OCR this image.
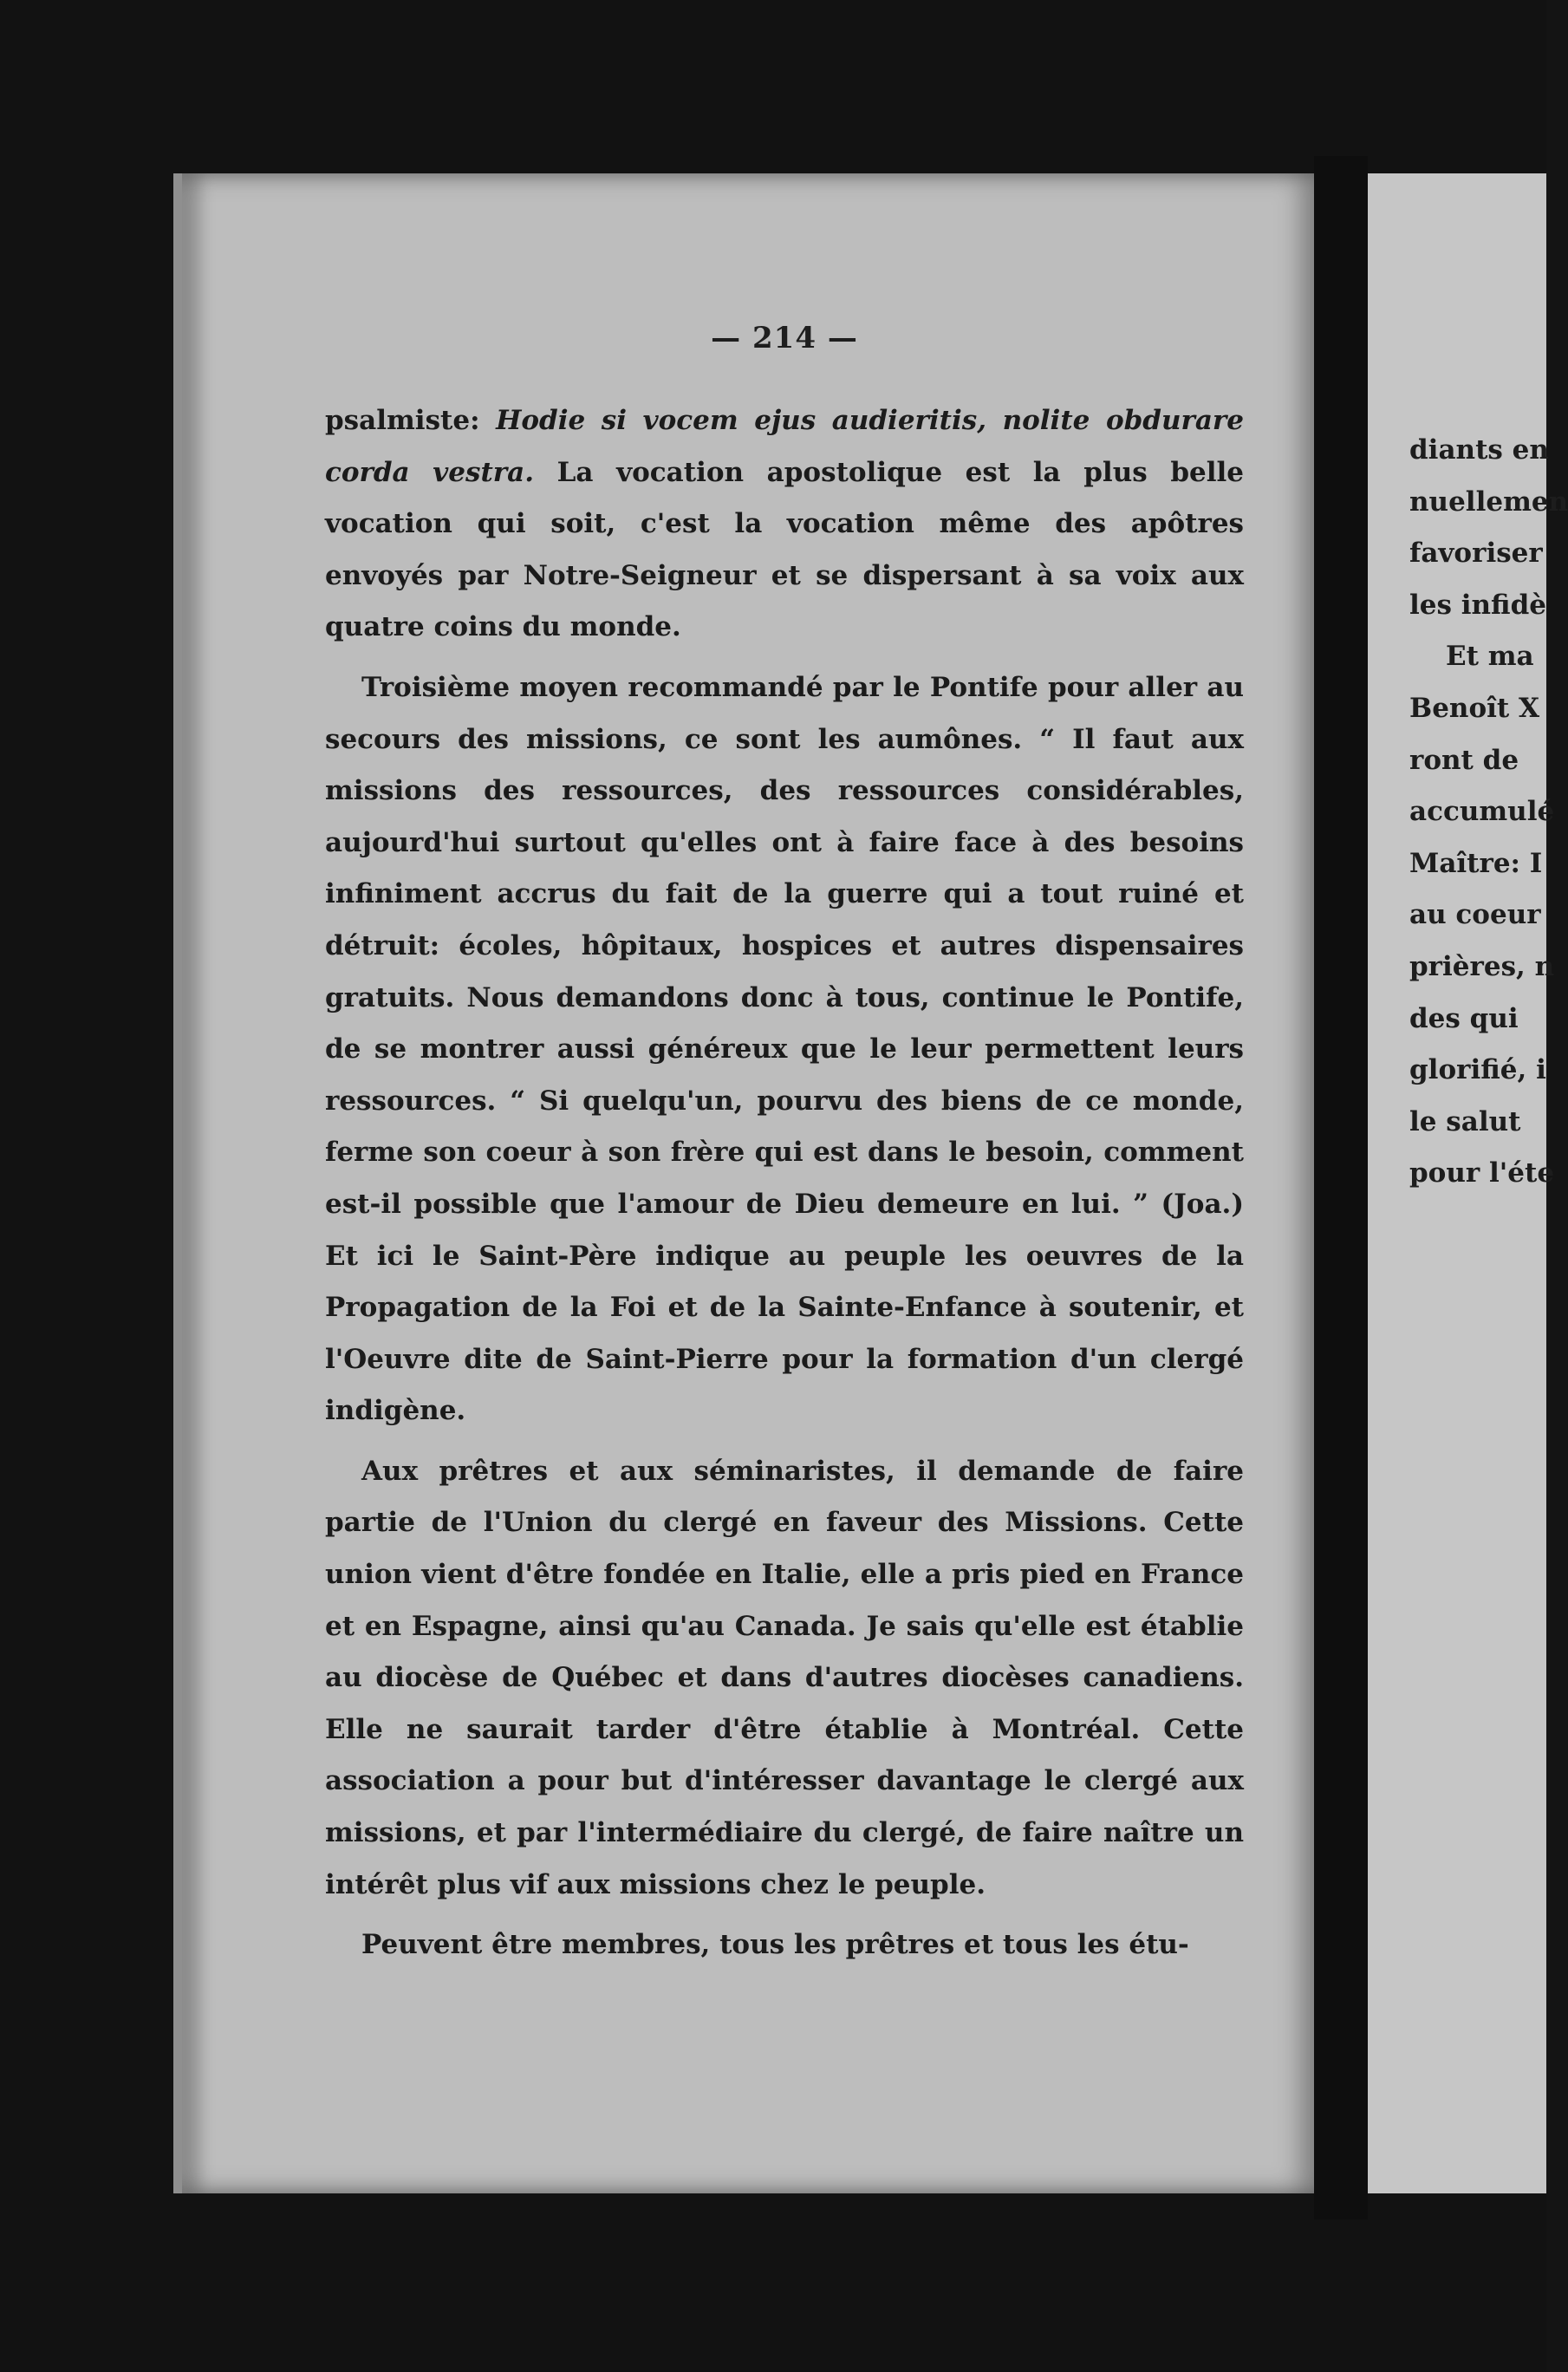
— 214 —

psalmiste: Hodie si vocem ejus audieritis, nolite obdurare corda vestra. La vocation apostolique est la plus belle vocation qui soit, c'est la vocation même des apôtres envoyés par Notre-Seigneur et se dispersant à sa voix aux quatre coins du monde.

Troisième moyen recommandé par le Pontife pour aller au secours des missions, ce sont les aumônes. “ Il faut aux missions des ressources, des ressources considérables, aujourd'hui surtout qu'elles ont à faire face à des besoins infiniment accrus du fait de la guerre qui a tout ruiné et détruit: écoles, hôpitaux, hospices et autres dispensaires gratuits. Nous demandons donc à tous, continue le Pontife, de se montrer aussi généreux que le leur permettent leurs ressources. “ Si quelqu'un, pourvu des biens de ce monde, ferme son coeur à son frère qui est dans le besoin, comment est-il possible que l'amour de Dieu demeure en lui. ” (Joa.) Et ici le Saint-Père indique au peuple les oeuvres de la Propagation de la Foi et de la Sainte-Enfance à soutenir, et l'Oeuvre dite de Saint-Pierre pour la formation d'un clergé indigène.

Aux prêtres et aux séminaristes, il demande de faire partie de l'Union du clergé en faveur des Missions. Cette union vient d'être fondée en Italie, elle a pris pied en France et en Espagne, ainsi qu'au Canada. Je sais qu'elle est établie au diocèse de Québec et dans d'autres diocèses canadiens. Elle ne saurait tarder d'être établie à Montréal. Cette association a pour but d'intéresser davantage le clergé aux missions, et par l'intermédiaire du clergé, de faire naître un intérêt plus vif aux missions chez le peuple.

Peuvent être membres, tous les prêtres et tous les étu-

diants en
nuellemen
favoriser
les infidè
Et ma
Benoît X
ront de
accumulé
Maître: I
au coeur
prières, n
des qui
glorifié, i
le salut
pour l'éte
